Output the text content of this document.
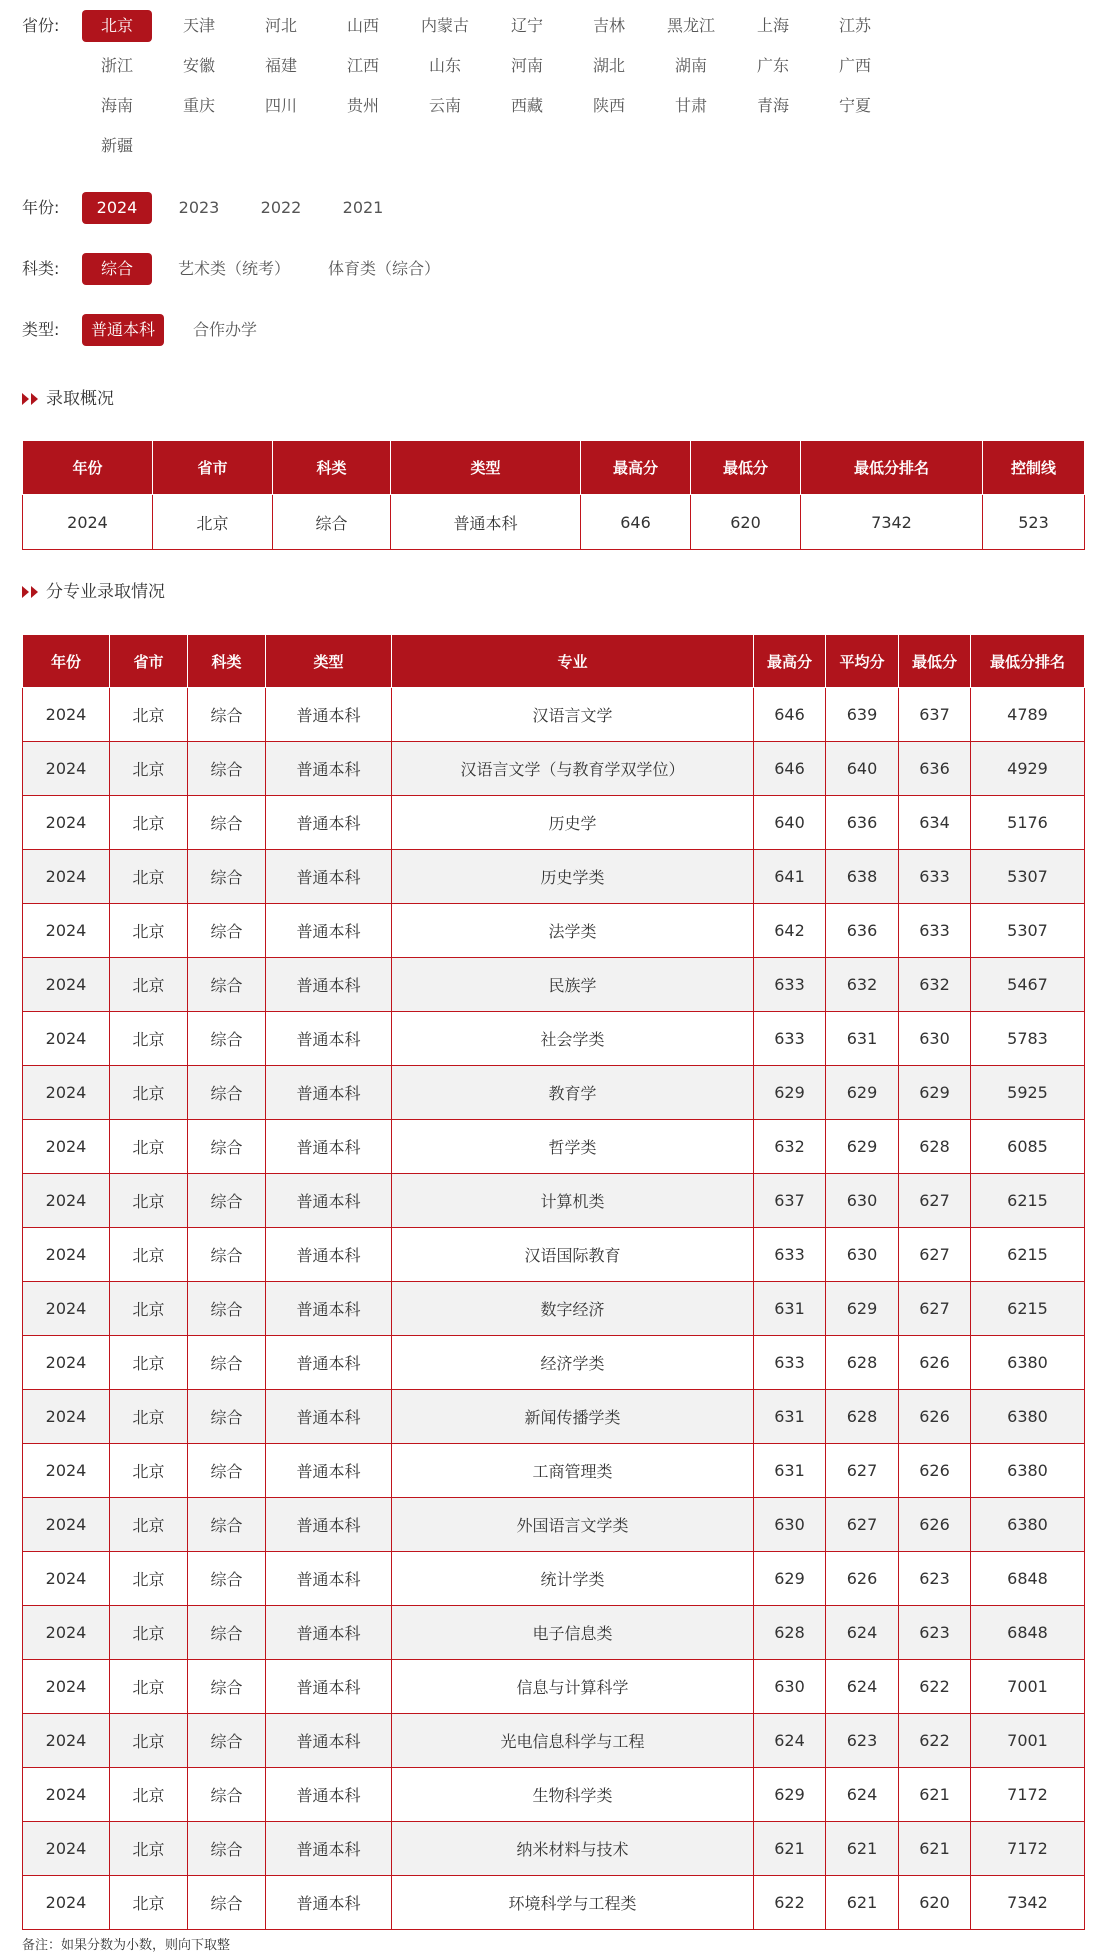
省份:	北京	天津	河北	山西	内蒙古	辽宁	吉林	黑龙江	上海	江苏
浙江	安徽	福建	江西	山东	河南	湖北	湖南	广东	广西
海南	重庆	四川	贵州	云南	西藏	陕西	甘肃	青海	宁夏
新疆
年份:	2024	2023	2022	2021
科类:	综合	艺术类（统考）	体育类（综合）
类型:	普通本科	合作办学
录取概况
年份	省市	科类	类型	最高分	最低分	最低分排名	控制线
2024	北京	综合	普通本科	646	620	7342	523
分专业录取情况
年份	省市	科类	类型	专业	最高分	平均分	最低分	最低分排名
2024	北京	综合	普通本科	汉语言文学	646	639	637	4789
2024	北京	综合	普通本科	汉语言文学（与教育学双学位）	646	640	636	4929
2024	北京	综合	普通本科	历史学	640	636	634	5176
2024	北京	综合	普通本科	历史学类	641	638	633	5307
2024	北京	综合	普通本科	法学类	642	636	633	5307
2024	北京	综合	普通本科	民族学	633	632	632	5467
2024	北京	综合	普通本科	社会学类	633	631	630	5783
2024	北京	综合	普通本科	教育学	629	629	629	5925
2024	北京	综合	普通本科	哲学类	632	629	628	6085
2024	北京	综合	普通本科	计算机类	637	630	627	6215
2024	北京	综合	普通本科	汉语国际教育	633	630	627	6215
2024	北京	综合	普通本科	数字经济	631	629	627	6215
2024	北京	综合	普通本科	经济学类	633	628	626	6380
2024	北京	综合	普通本科	新闻传播学类	631	628	626	6380
2024	北京	综合	普通本科	工商管理类	631	627	626	6380
2024	北京	综合	普通本科	外国语言文学类	630	627	626	6380
2024	北京	综合	普通本科	统计学类	629	626	623	6848
2024	北京	综合	普通本科	电子信息类	628	624	623	6848
2024	北京	综合	普通本科	信息与计算科学	630	624	622	7001
2024	北京	综合	普通本科	光电信息科学与工程	624	623	622	7001
2024	北京	综合	普通本科	生物科学类	629	624	621	7172
2024	北京	综合	普通本科	纳米材料与技术	621	621	621	7172
2024	北京	综合	普通本科	环境科学与工程类	622	621	620	7342
备注：如果分数为小数，则向下取整
